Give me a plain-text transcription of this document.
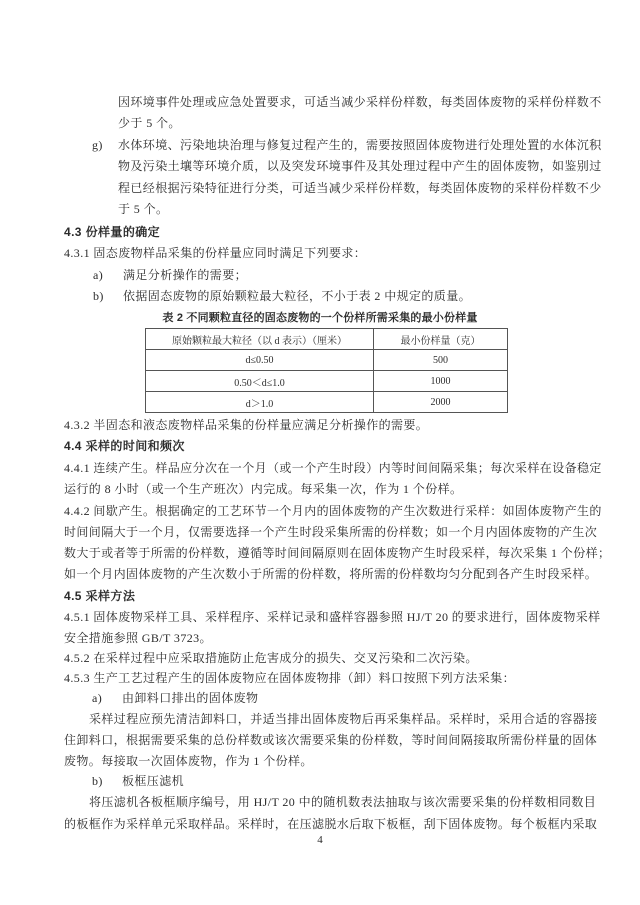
因环境事件处理或应急处置要求，可适当减少采样份样数，每类固体废物的采样份样数不
少于 5 个。
g) 水体环境、污染地块治理与修复过程产生的，需要按照固体废物进行处理处置的水体沉积
物及污染土壤等环境介质，以及突发环境事件及其处理过程中产生的固体废物，如鉴别过
程已经根据污染特征进行分类，可适当减少采样份样数，每类固体废物的采样份样数不少
于 5 个。
4.3 份样量的确定
4.3.1 固态废物样品采集的份样量应同时满足下列要求：
a) 满足分析操作的需要；
b) 依据固态废物的原始颗粒最大粒径，不小于表 2 中规定的质量。
表 2 不同颗粒直径的固态废物的一个份样所需采集的最小份样量
原始颗粒最大粒径（以 d 表示）（厘米）	最小份样量（克）
d≤0.50	500
0.50＜d≤1.0	1000
d＞1.0	2000
4.3.2 半固态和液态废物样品采集的份样量应满足分析操作的需要。
4.4 采样的时间和频次
4.4.1 连续产生。样品应分次在一个月（或一个产生时段）内等时间间隔采集；每次采样在设备稳定
运行的 8 小时（或一个生产班次）内完成。每采集一次，作为 1 个份样。
4.4.2 间歇产生。根据确定的工艺环节一个月内的固体废物的产生次数进行采样：如固体废物产生的
时间间隔大于一个月，仅需要选择一个产生时段采集所需的份样数；如一个月内固体废物的产生次
数大于或者等于所需的份样数，遵循等时间间隔原则在固体废物产生时段采样，每次采集 1 个份样；
如一个月内固体废物的产生次数小于所需的份样数，将所需的份样数均匀分配到各产生时段采样。
4.5 采样方法
4.5.1 固体废物采样工具、采样程序、采样记录和盛样容器参照 HJ/T 20 的要求进行，固体废物采样
安全措施参照 GB/T 3723。
4.5.2 在采样过程中应采取措施防止危害成分的损失、交叉污染和二次污染。
4.5.3 生产工艺过程产生的固体废物应在固体废物排（卸）料口按照下列方法采集：
a) 由卸料口排出的固体废物
采样过程应预先清洁卸料口，并适当排出固体废物后再采集样品。采样时，采用合适的容器接
住卸料口，根据需要采集的总份样数或该次需要采集的份样数，等时间间隔接取所需份样量的固体
废物。每接取一次固体废物，作为 1 个份样。
b) 板框压滤机
将压滤机各板框顺序编号，用 HJ/T 20 中的随机数表法抽取与该次需要采集的份样数相同数目
的板框作为采样单元采取样品。采样时，在压滤脱水后取下板框，刮下固体废物。每个板框内采取
4
